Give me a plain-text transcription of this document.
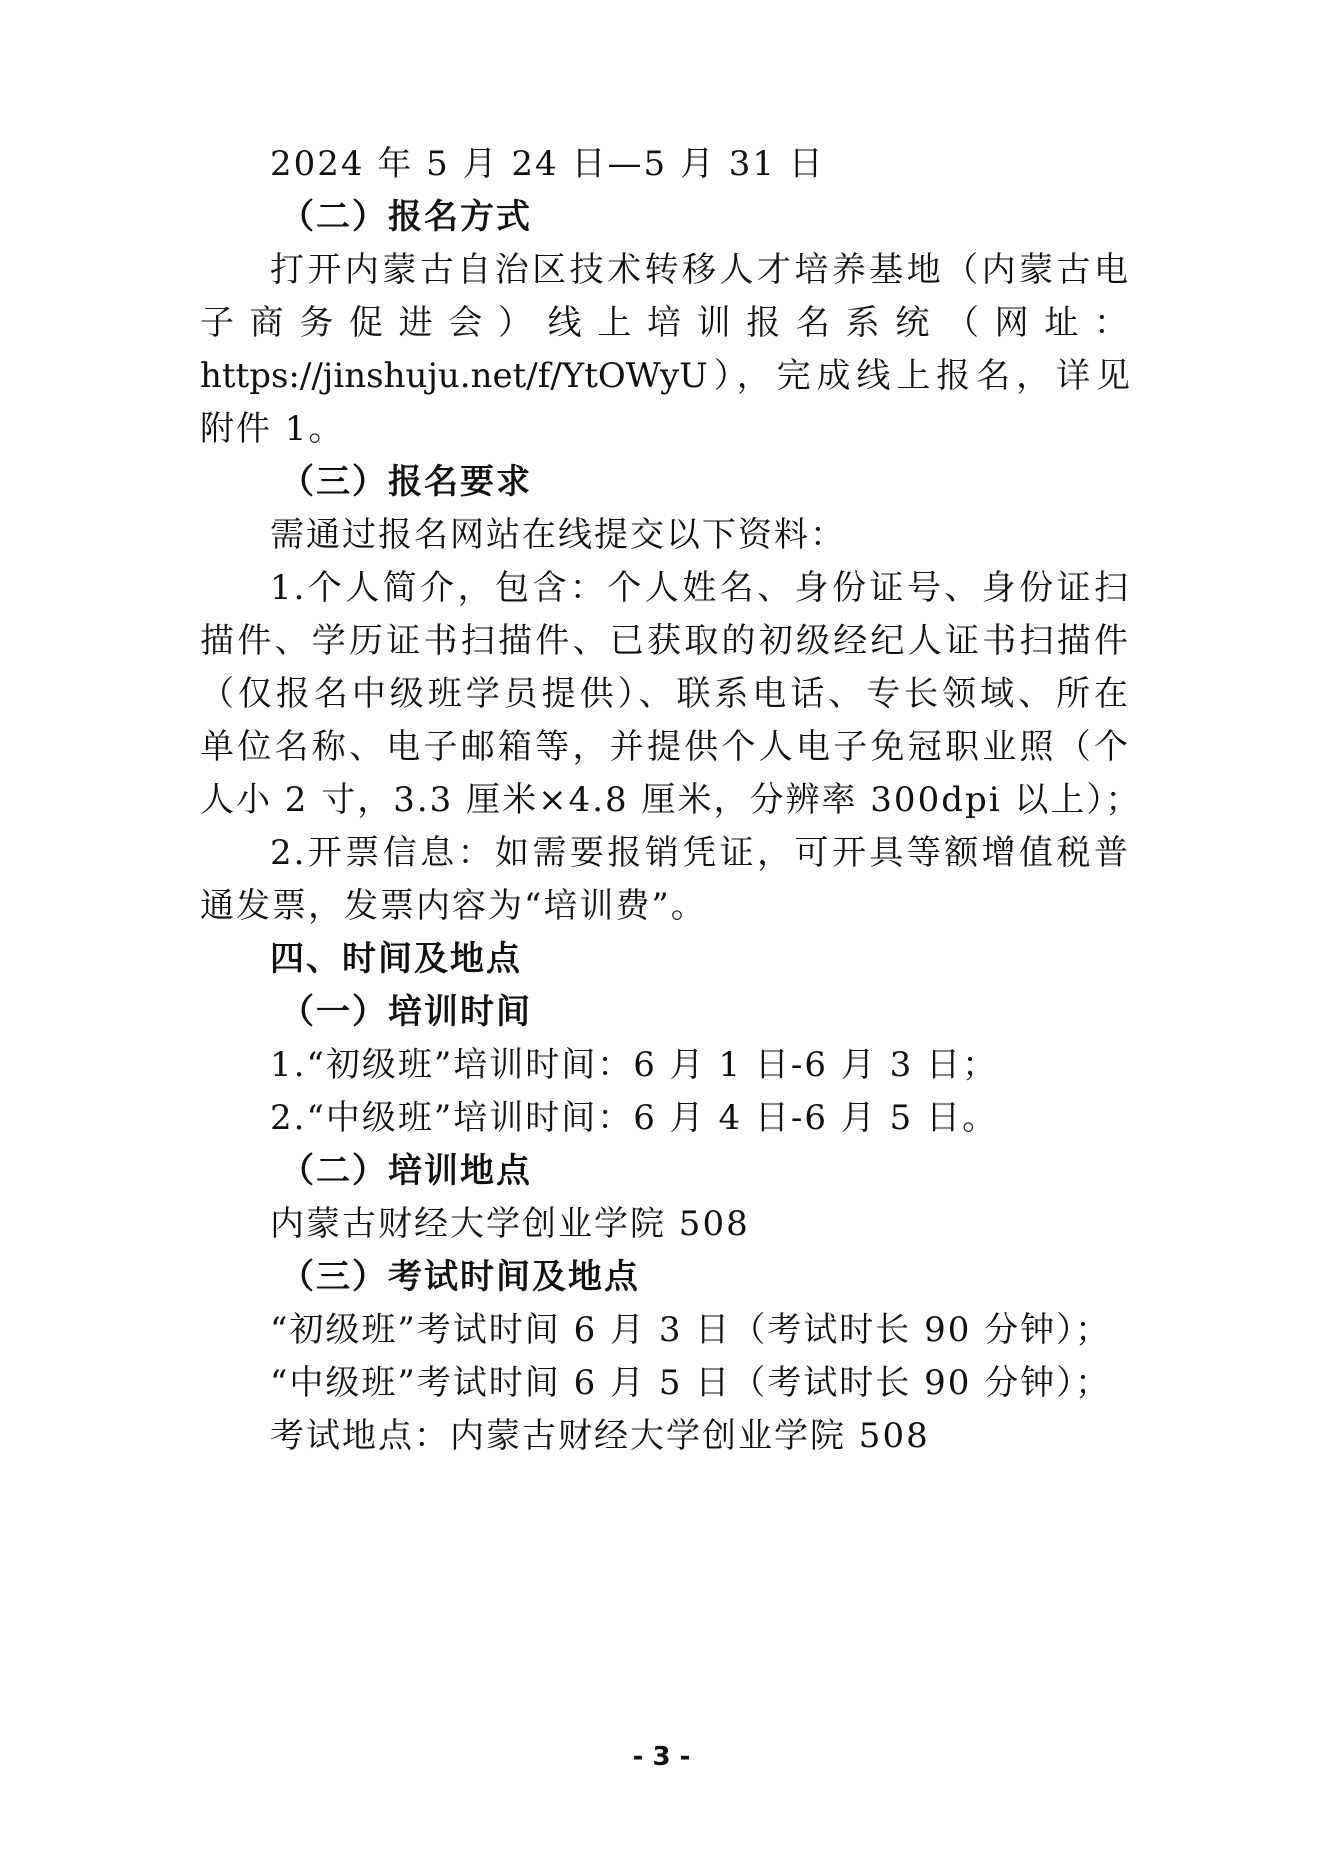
2024 年 5 月 24 日—5 月 31 日
（二）报名方式
打开内蒙古自治区技术转移人才培养基地（内蒙古电
子商务促进会）线上培训报名系统（网址：
https://jinshuju.net/f/YtOWyU），完成线上报名，详见
附件 1。
（三）报名要求
需通过报名网站在线提交以下资料：
1.个人简介，包含：个人姓名、身份证号、身份证扫
描件、学历证书扫描件、已获取的初级经纪人证书扫描件
（仅报名中级班学员提供）、联系电话、专长领域、所在
单位名称、电子邮箱等，并提供个人电子免冠职业照（个
人小 2 寸，3.3 厘米×4.8 厘米，分辨率 300dpi 以上）；
2.开票信息：如需要报销凭证，可开具等额增值税普
通发票，发票内容为“培训费”。
四、时间及地点
（一）培训时间
1.“初级班”培训时间：6 月 1 日-6 月 3 日；
2.“中级班”培训时间：6 月 4 日-6 月 5 日。
（二）培训地点
内蒙古财经大学创业学院 508
（三）考试时间及地点
“初级班”考试时间 6 月 3 日（考试时长 90 分钟）；
“中级班”考试时间 6 月 5 日（考试时长 90 分钟）；
考试地点：内蒙古财经大学创业学院 508
- 3 -
